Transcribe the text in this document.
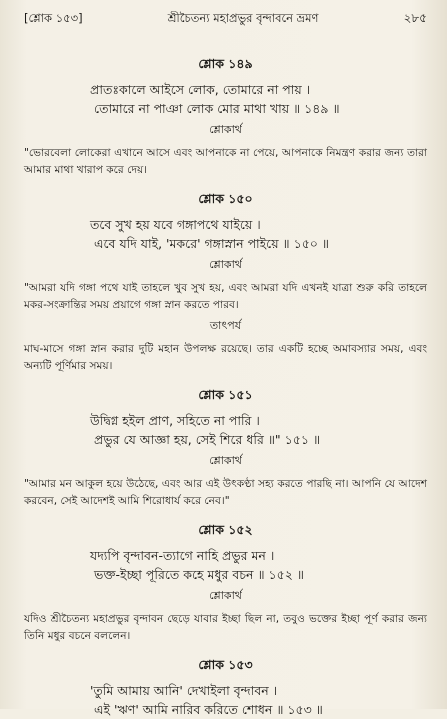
[শ্লোক ১৫৩]	শ্রীচৈতন্য মহাপ্রভুর বৃন্দাবনে ভ্রমণ	২৮৫
শ্লোক ১৪৯
প্রাতঃকালে আইসে লোক, তোমারে না পায় ।
তোমারে না পাঞা লোক মোর মাথা খায় ॥ ১৪৯ ॥
শ্লোকার্থ

"ভোরবেলা লোকেরা এখানে আসে এবং আপনাকে না পেয়ে, আপনাকে নিমন্ত্রণ করার জন্য তারা আমার মাথা খারাপ করে দেয়।

শ্লোক ১৫০
তবে সুখ হয় যবে গঙ্গাপথে যাইয়ে ।
এবে যদি যাই, 'মকরে' গঙ্গাস্নান পাইয়ে ॥ ১৫০ ॥
শ্লোকার্থ

"আমরা যদি গঙ্গা পথে যাই তাহলে খুব সুখ হয়, এবং আমরা যদি এখনই যাত্রা শুরু করি তাহলে মকর-সংক্রান্তির সময় প্রয়াগে গঙ্গা স্নান করতে পারব।

তাৎপর্য

মাঘ-মাসে গঙ্গা স্নান করার দুটি মহান উপলক্ষ রয়েছে। তার একটি হচ্ছে অমাবস্যার সময়, এবং অন্যটি পূর্ণিমার সময়।

শ্লোক ১৫১
উদ্বিগ্ন হইল প্রাণ, সহিতে না পারি ।
প্রভুর যে আজ্ঞা হয়, সেই শিরে ধরি ॥" ১৫১ ॥
শ্লোকার্থ

"আমার মন আকুল হয়ে উঠেছে, এবং আর এই উৎকণ্ঠা সহ্য করতে পারছি না। আপনি যে আদেশ করবেন, সেই আদেশই আমি শিরোধার্য করে নেব।"

শ্লোক ১৫২
যদ্যপি বৃন্দাবন-ত্যাগে নাহি প্রভুর মন ।
ভক্ত-ইচ্ছা পূরিতে কহে মধুর বচন ॥ ১৫২ ॥
শ্লোকার্থ

যদিও শ্রীচৈতন্য মহাপ্রভুর বৃন্দাবন ছেড়ে যাবার ইচ্ছা ছিল না, তবুও ভক্তের ইচ্ছা পূর্ণ করার জন্য তিনি মধুর বচনে বললেন।

শ্লোক ১৫৩
'তুমি আমায় আনি' দেখাইলা বৃন্দাবন ।
এই 'ঋণ' আমি নারিব করিতে শোধন ॥ ১৫৩ ॥
